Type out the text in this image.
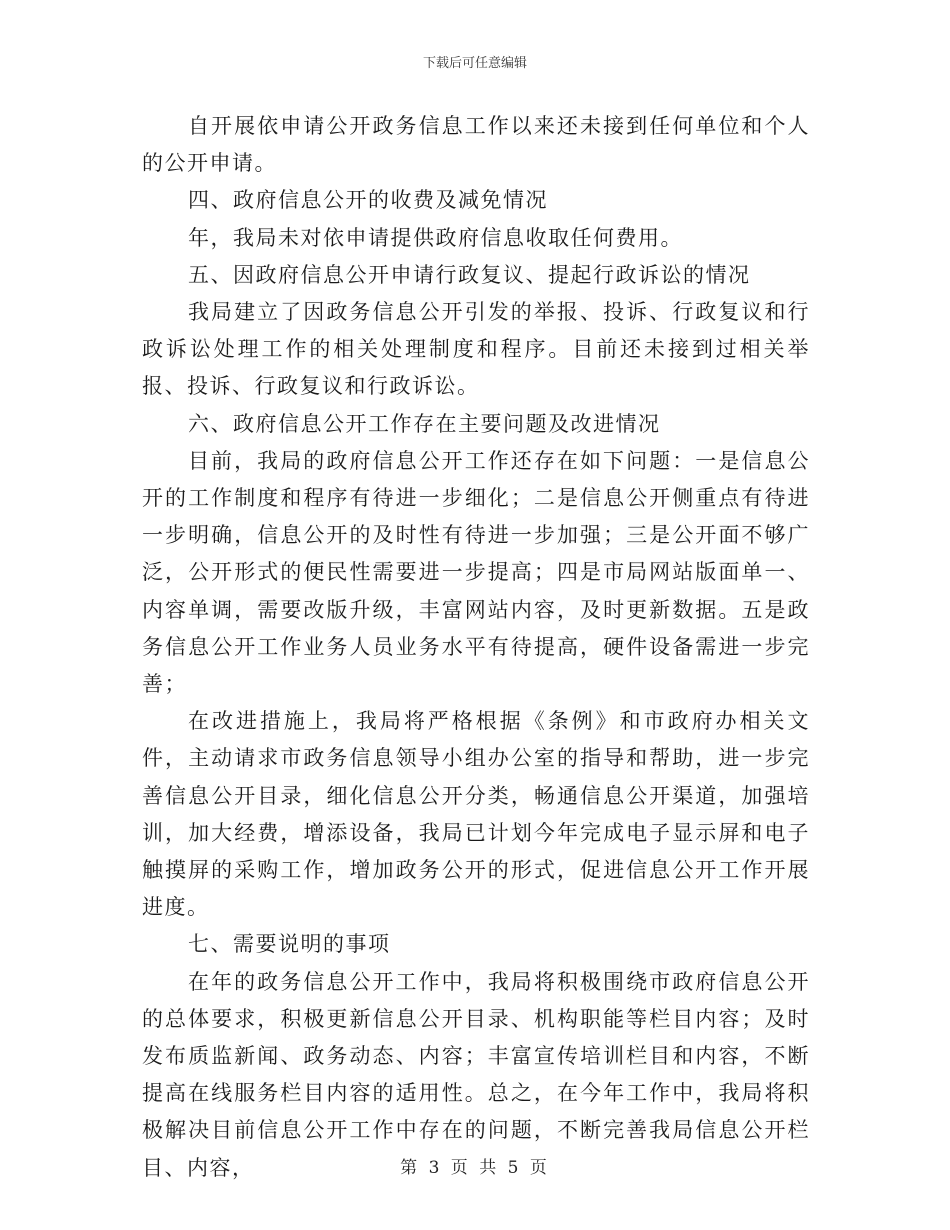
下载后可任意编辑

自开展依申请公开政务信息工作以来还未接到任何单位和个人的公开申请。

四、政府信息公开的收费及减免情况

年，我局未对依申请提供政府信息收取任何费用。

五、因政府信息公开申请行政复议、提起行政诉讼的情况

我局建立了因政务信息公开引发的举报、投诉、行政复议和行政诉讼处理工作的相关处理制度和程序。目前还未接到过相关举报、投诉、行政复议和行政诉讼。

六、政府信息公开工作存在主要问题及改进情况

目前，我局的政府信息公开工作还存在如下问题：一是信息公开的工作制度和程序有待进一步细化；二是信息公开侧重点有待进一步明确，信息公开的及时性有待进一步加强；三是公开面不够广泛，公开形式的便民性需要进一步提高；四是市局网站版面单一、内容单调，需要改版升级，丰富网站内容，及时更新数据。五是政务信息公开工作业务人员业务水平有待提高，硬件设备需进一步完善；

在改进措施上，我局将严格根据《条例》和市政府办相关文件，主动请求市政务信息领导小组办公室的指导和帮助，进一步完善信息公开目录，细化信息公开分类，畅通信息公开渠道，加强培训，加大经费，增添设备，我局已计划今年完成电子显示屏和电子触摸屏的采购工作，增加政务公开的形式，促进信息公开工作开展进度。

七、需要说明的事项

在年的政务信息公开工作中，我局将积极围绕市政府信息公开的总体要求，积极更新信息公开目录、机构职能等栏目内容；及时发布质监新闻、政务动态、内容；丰富宣传培训栏目和内容，不断提高在线服务栏目内容的适用性。总之，在今年工作中，我局将积极解决目前信息公开工作中存在的问题，不断完善我局信息公开栏目、内容，	第 3 页 共 5 页
